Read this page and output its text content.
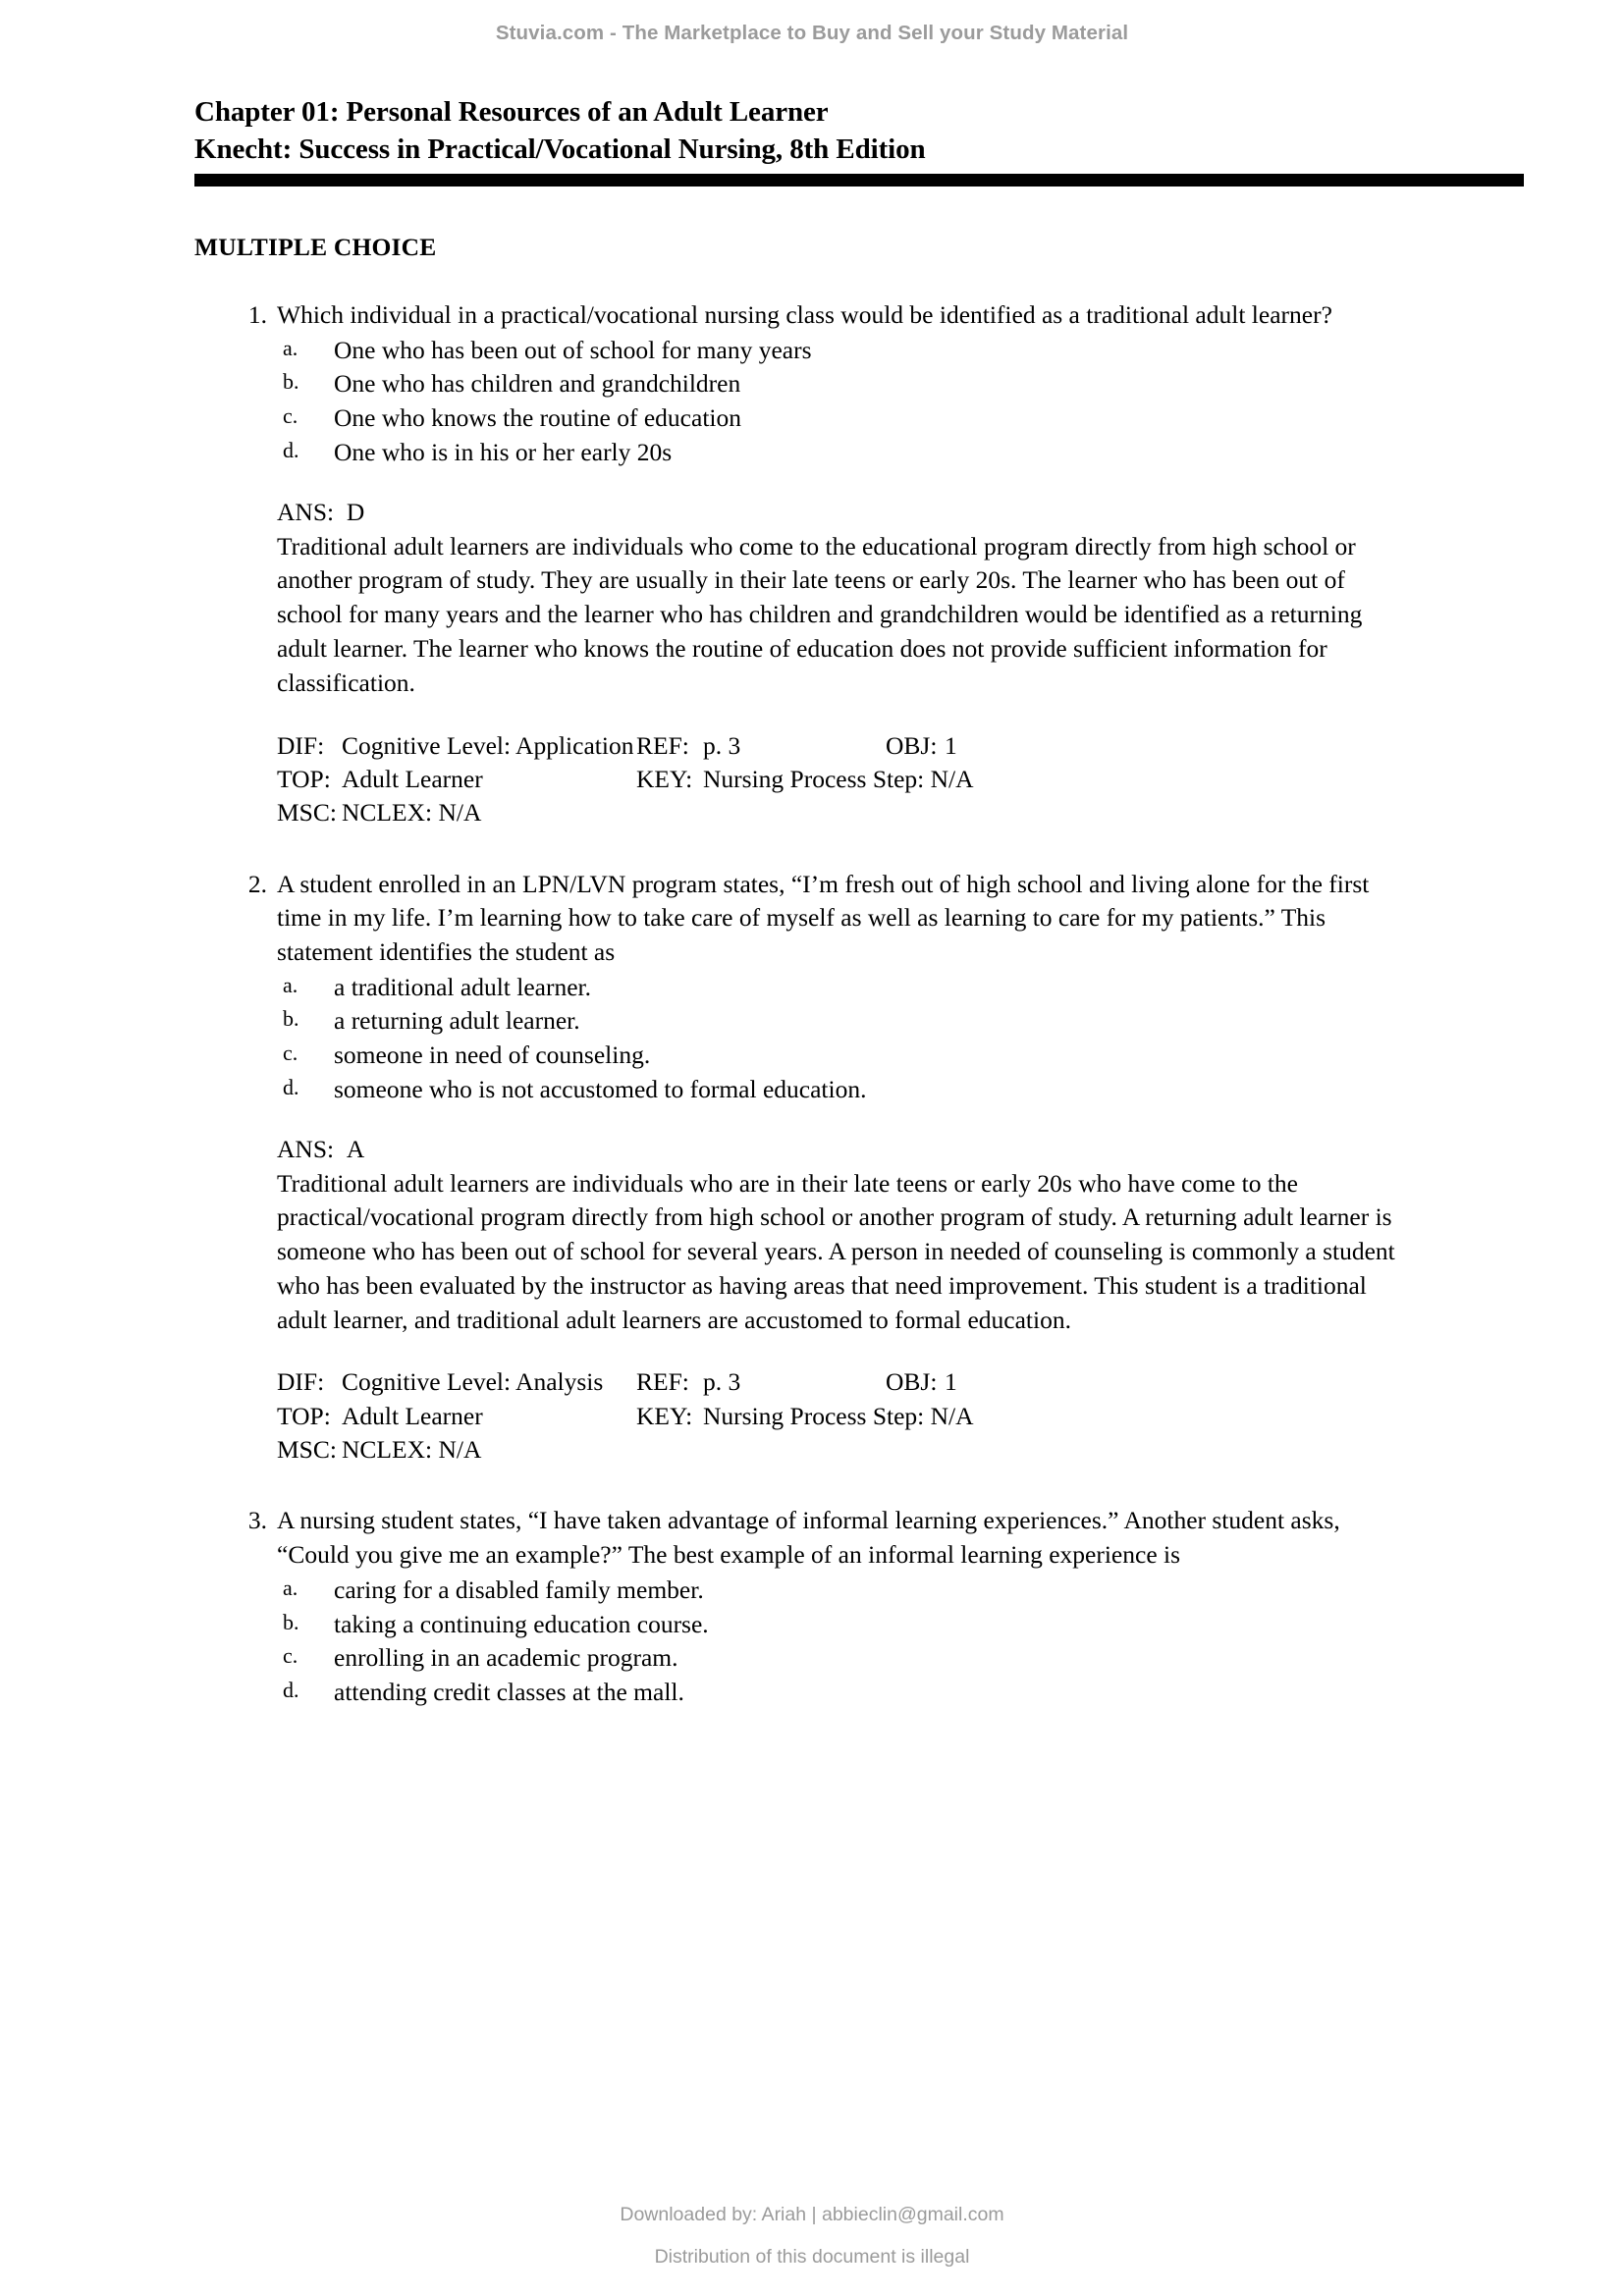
Stuvia.com - The Marketplace to Buy and Sell your Study Material
Chapter 01: Personal Resources of an Adult Learner
Knecht: Success in Practical/Vocational Nursing, 8th Edition
MULTIPLE CHOICE
1. Which individual in a practical/vocational nursing class would be identified as a traditional adult learner?
a.	One who has been out of school for many years
b.	One who has children and grandchildren
c.	One who knows the routine of education
d.	One who is in his or her early 20s
ANS: D
Traditional adult learners are individuals who come to the educational program directly from high school or another program of study. They are usually in their late teens or early 20s. The learner who has been out of school for many years and the learner who has children and grandchildren would be identified as a returning adult learner. The learner who knows the routine of education does not provide sufficient information for classification.
DIF: Cognitive Level: Application REF: p. 3	OBJ: 1
TOP: Adult Learner	KEY: Nursing Process Step: N/A
MSC: NCLEX: N/A
2. A student enrolled in an LPN/LVN program states, “I’m fresh out of high school and living alone for the first time in my life. I’m learning how to take care of myself as well as learning to care for my patients.” This statement identifies the student as
a.	a traditional adult learner.
b.	a returning adult learner.
c.	someone in need of counseling.
d.	someone who is not accustomed to formal education.
ANS: A
Traditional adult learners are individuals who are in their late teens or early 20s who have come to the practical/vocational program directly from high school or another program of study. A returning adult learner is someone who has been out of school for several years. A person in needed of counseling is commonly a student who has been evaluated by the instructor as having areas that need improvement. This student is a traditional adult learner, and traditional adult learners are accustomed to formal education.
DIF: Cognitive Level: Analysis	REF: p. 3	OBJ: 1
TOP: Adult Learner	KEY: Nursing Process Step: N/A
MSC: NCLEX: N/A
3. A nursing student states, “I have taken advantage of informal learning experiences.” Another student asks, “Could you give me an example?” The best example of an informal learning experience is
a.	caring for a disabled family member.
b.	taking a continuing education course.
c.	enrolling in an academic program.
d.	attending credit classes at the mall.
Downloaded by: Ariah | abbieclin@gmail.com
Distribution of this document is illegal
